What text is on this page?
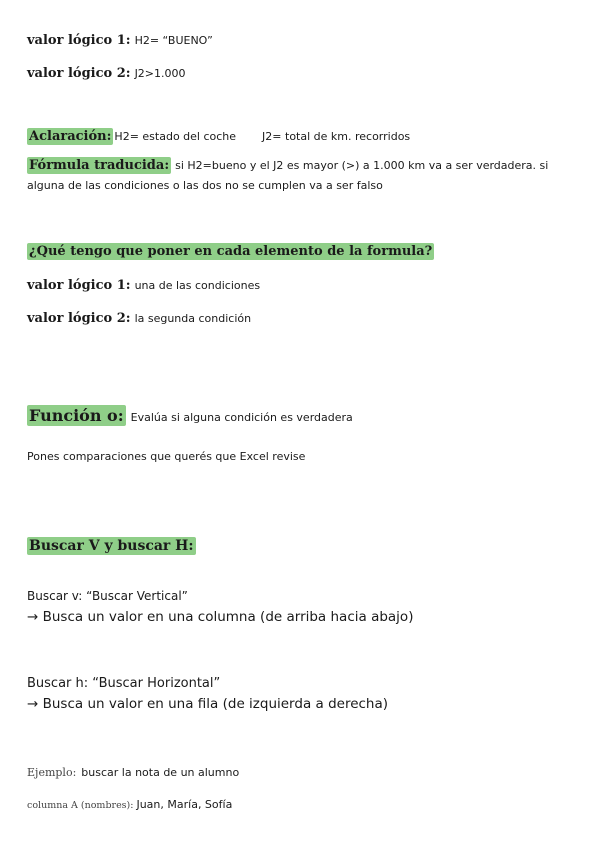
valor lógico 1: H2= “BUENO”
valor lógico 2: J2>1.000
Aclaración: H2= estado del coche J2= total de km. recorridos
Fórmula traducida: si H2=bueno y el J2 es mayor (>) a 1.000 km va a ser verdadera. si alguna de las condiciones o las dos no se cumplen va a ser falso
¿Qué tengo que poner en cada elemento de la formula?
valor lógico 1: una de las condiciones
valor lógico 2: la segunda condición
Función o: Evalúa si alguna condición es verdadera
Pones comparaciones que querés que Excel revise
Buscar V y buscar H:
Buscar v: “Buscar Vertical”
→ Busca un valor en una columna (de arriba hacia abajo)
Buscar h: “Buscar Horizontal”
→ Busca un valor en una fila (de izquierda a derecha)
Ejemplo: buscar la nota de un alumno
columna A (nombres): Juan, María, Sofía
